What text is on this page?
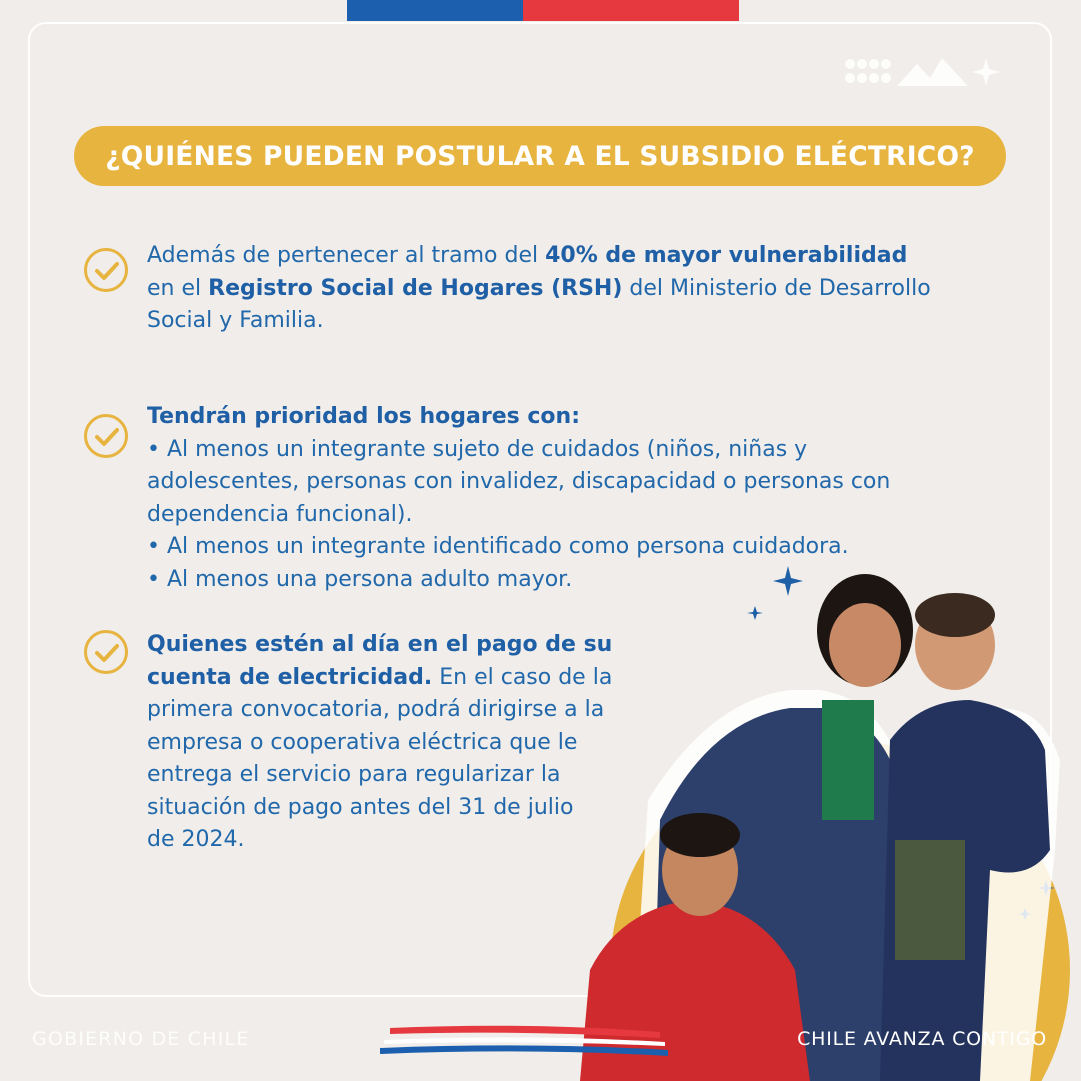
¿QUIÉNES PUEDEN POSTULAR A EL SUBSIDIO ELÉCTRICO?
Además de pertenecer al tramo del 40% de mayor vulnerabilidad
en el Registro Social de Hogares (RSH) del Ministerio de Desarrollo
Social y Familia.
Tendrán prioridad los hogares con:
• Al menos un integrante sujeto de cuidados (niños, niñas y
adolescentes, personas con invalidez, discapacidad o personas con
dependencia funcional).
• Al menos un integrante identificado como persona cuidadora.
• Al menos una persona adulto mayor.
Quienes estén al día en el pago de su
cuenta de electricidad. En el caso de la
primera convocatoria, podrá dirigirse a la
empresa o cooperativa eléctrica que le
entrega el servicio para regularizar la
situación de pago antes del 31 de julio
de 2024.
GOBIERNO DE CHILE	CHILE AVANZA CONTIGO
